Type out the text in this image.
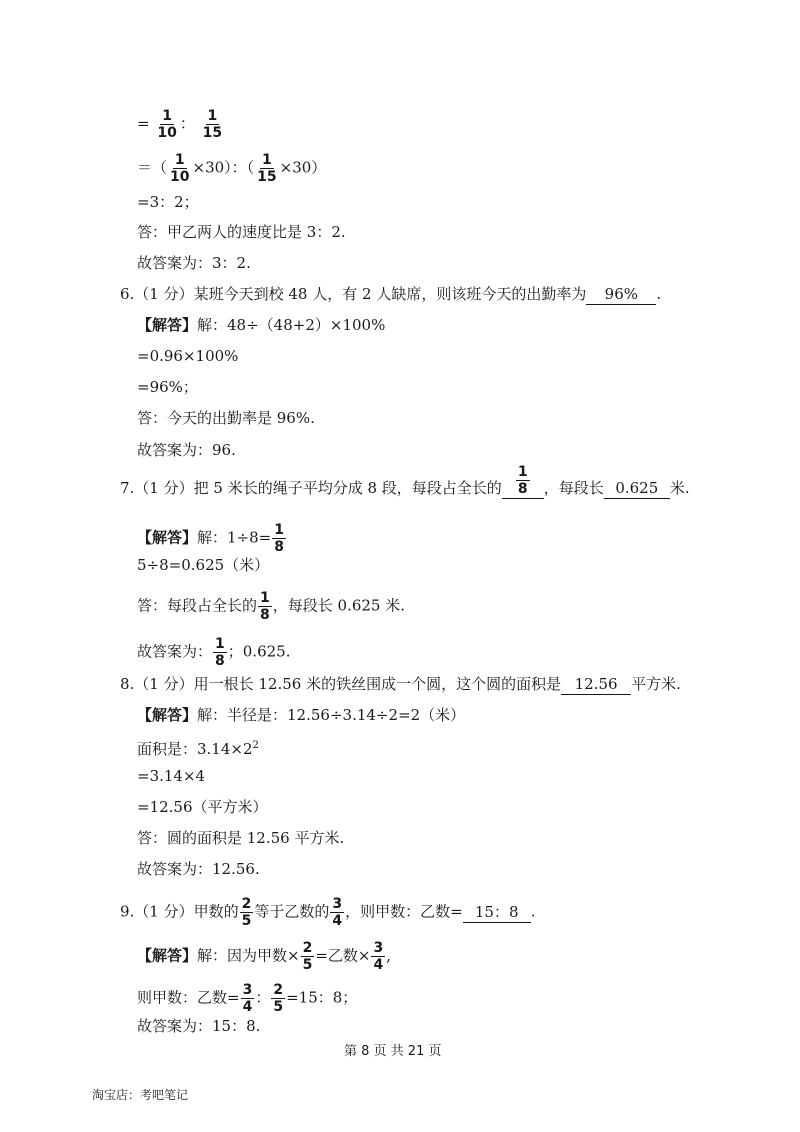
= $\frac{1}{10}$ ： $\frac{1}{15}$
＝（ $\frac{1}{10} \times 30$）：（ $\frac{1}{15} \times 30$）
=3：2；
答：甲乙两人的速度比是 3：2.
故答案为：3：2.
6.（1 分）某班今天到校 48 人，有 2 人缺席，则该班今天的出勤率为 96% .
【解答】解：48÷（48+2）×100%
=0.96×100%
=96%；
答：今天的出勤率是 96%.
故答案为：96.
7.（1 分）把 5 米长的绳子平均分成 8 段，每段占全长的 $\frac{1}{8}$ ，每段长 0.625 米.
【解答】解：$1\div 8= \frac{1}{8}$
5÷8=0.625（米）
答：每段占全长的 $\frac{1}{8}$ ，每段长 0.625 米.
故答案为： $\frac{1}{8}$ ；0.625.
8.（1 分）用一根长 12.56 米的铁丝围成一个圆，这个圆的面积是 12.56 平方米.
【解答】解：半径是：12.56÷3.14÷2=2（米）
面积是：$3.14\times 2^2$
=3.14×4
=12.56（平方米）
答：圆的面积是 12.56 平方米.
故答案为：12.56.
9.（1 分）甲数的 $\frac{2}{5}$ 等于乙数的 $\frac{3}{4}$ ，则甲数：乙数= 15：8 .
【解答】解：因为甲数× $\frac{2}{5}$ =乙数× $\frac{3}{4}$ ,
则甲数：乙数= $\frac{3}{4}$ ： $\frac{2}{5} =15$：8；
故答案为：15：8.
第 8 页 共 21 页
淘宝店：考吧笔记
